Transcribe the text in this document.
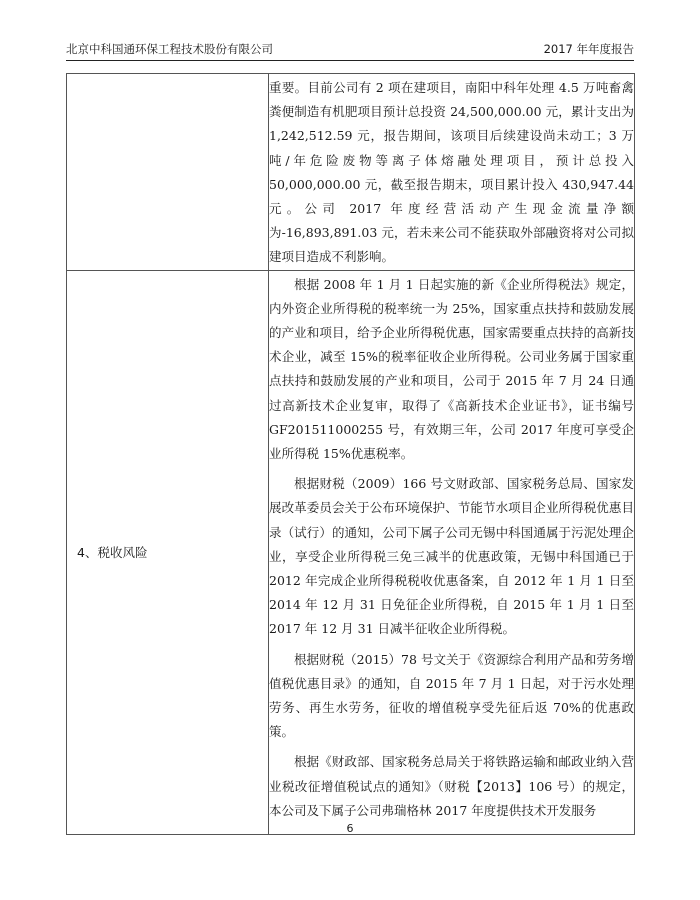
北京中科国通环保工程技术股份有限公司	2017 年年度报告

	重要。目前公司有 2 项在建项目，南阳中科年处理 4.5 万吨畜禽粪便制造有机肥项目预计总投资 24,500,000.00 元，累计支出为 1,242,512.59 元，报告期间，该项目后续建设尚未动工；3 万吨/年危险废物等离子体熔融处理项目，预计总投入 50,000,000.00 元，截至报告期末，项目累计投入 430,947.44 元。公司 2017 年度经营活动产生现金流量净额为-16,893,891.03 元，若未来公司不能获取外部融资将对公司拟建项目造成不利影响。

4、税收风险	根据 2008 年 1 月 1 日起实施的新《企业所得税法》规定，内外资企业所得税的税率统一为 25%，国家重点扶持和鼓励发展的产业和项目，给予企业所得税优惠，国家需要重点扶持的高新技术企业，减至 15%的税率征收企业所得税。公司业务属于国家重点扶持和鼓励发展的产业和项目，公司于 2015 年 7 月 24 日通过高新技术企业复审，取得了《高新技术企业证书》，证书编号 GF201511000255 号，有效期三年，公司 2017 年度可享受企业所得税 15%优惠税率。

根据财税（2009）166 号文财政部、国家税务总局、国家发展改革委员会关于公布环境保护、节能节水项目企业所得税优惠目录（试行）的通知，公司下属子公司无锡中科国通属于污泥处理企业，享受企业所得税三免三减半的优惠政策，无锡中科国通已于 2012 年完成企业所得税税收优惠备案，自 2012 年 1 月 1 日至 2014 年 12 月 31 日免征企业所得税，自 2015 年 1 月 1 日至 2017 年 12 月 31 日减半征收企业所得税。

根据财税（2015）78 号文关于《资源综合利用产品和劳务增值税优惠目录》的通知，自 2015 年 7 月 1 日起，对于污水处理劳务、再生水劳务，征收的增值税享受先征后返 70%的优惠政策。

根据《财政部、国家税务总局关于将铁路运输和邮政业纳入营业税改征增值税试点的通知》（财税【2013】106 号）的规定，本公司及下属子公司弗瑞格林 2017 年度提供技术开发服务

6
